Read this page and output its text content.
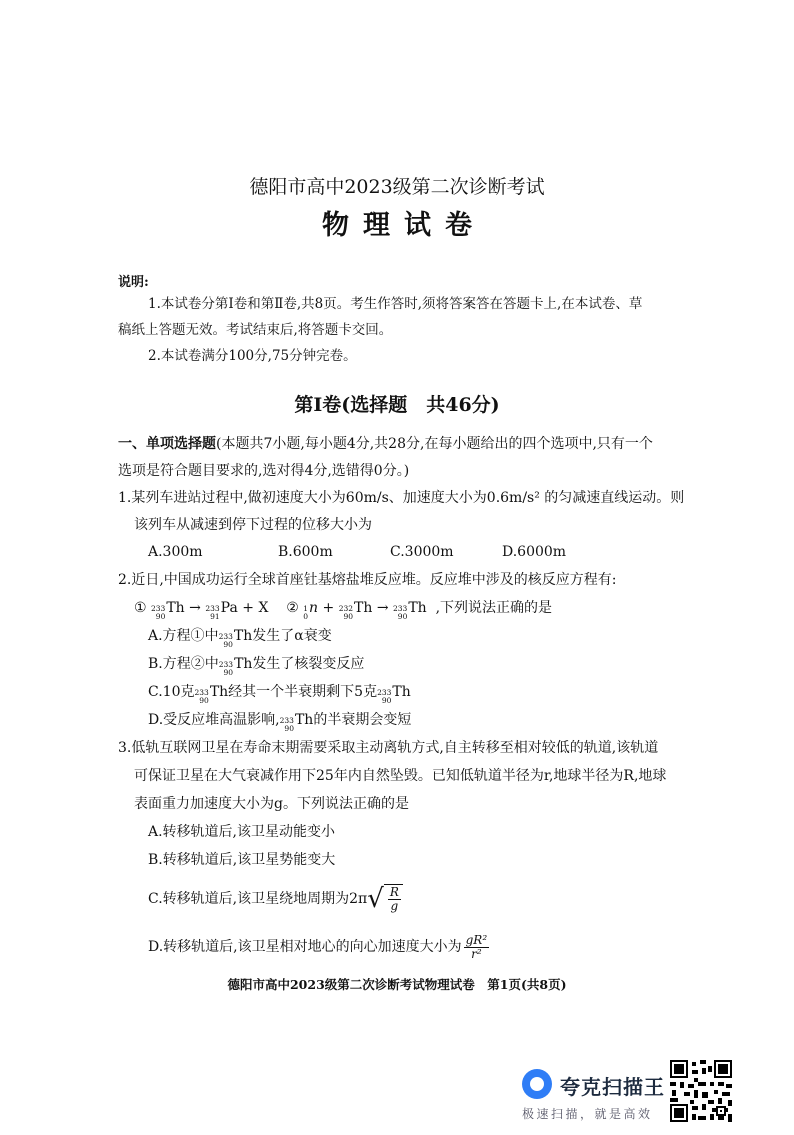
德阳市高中2023级第二次诊断考试
物理试卷
说明:
1.本试卷分第Ⅰ卷和第Ⅱ卷,共8页。考生作答时,须将答案答在答题卡上,在本试卷、草
稿纸上答题无效。考试结束后,将答题卡交回。
2.本试卷满分100分,75分钟完卷。
第Ⅰ卷(选择题　共46分)
一、单项选择题(本题共7小题,每小题4分,共28分,在每小题给出的四个选项中,只有一个
选项是符合题目要求的,选对得4分,选错得0分。)
1.某列车进站过程中,做初速度大小为60m/s、加速度大小为0.6m/s² 的匀减速直线运动。则
该列车从减速到停下过程的位移大小为
A.300m	B.600m	C.3000m	D.6000m
2.近日,中国成功运行全球首座钍基熔盐堆反应堆。反应堆中涉及的核反应方程有:
① 233
90 Th → 233
91 Pa + X ② 1
0 n + 232
90 Th → 233
90 Th ,下列说法正确的是
A.方程①中 233
90 Th发生了α衰变
B.方程②中 233
90 Th发生了核裂变反应
C.10克 233
90 Th经其一个半衰期剩下5克 233
90 Th
D.受反应堆高温影响, 233
90 Th的半衰期会变短
3.低轨互联网卫星在寿命末期需要采取主动离轨方式,自主转移至相对较低的轨道,该轨道
可保证卫星在大气衰减作用下25年内自然坠毁。已知低轨道半径为r,地球半径为R,地球
表面重力加速度大小为g。下列说法正确的是
A.转移轨道后,该卫星动能变小
B.转移轨道后,该卫星势能变大
C.转移轨道后,该卫星绕地周期为2π √ $\frac{R}{g}$
D.转移轨道后,该卫星相对地心的向心加速度大小为 $\frac{\text{gR²}}{\text{r²}}$
德阳市高中2023级第二次诊断考试物理试卷　第1页(共8页)
夸克扫描王
极速扫描，就是高效
